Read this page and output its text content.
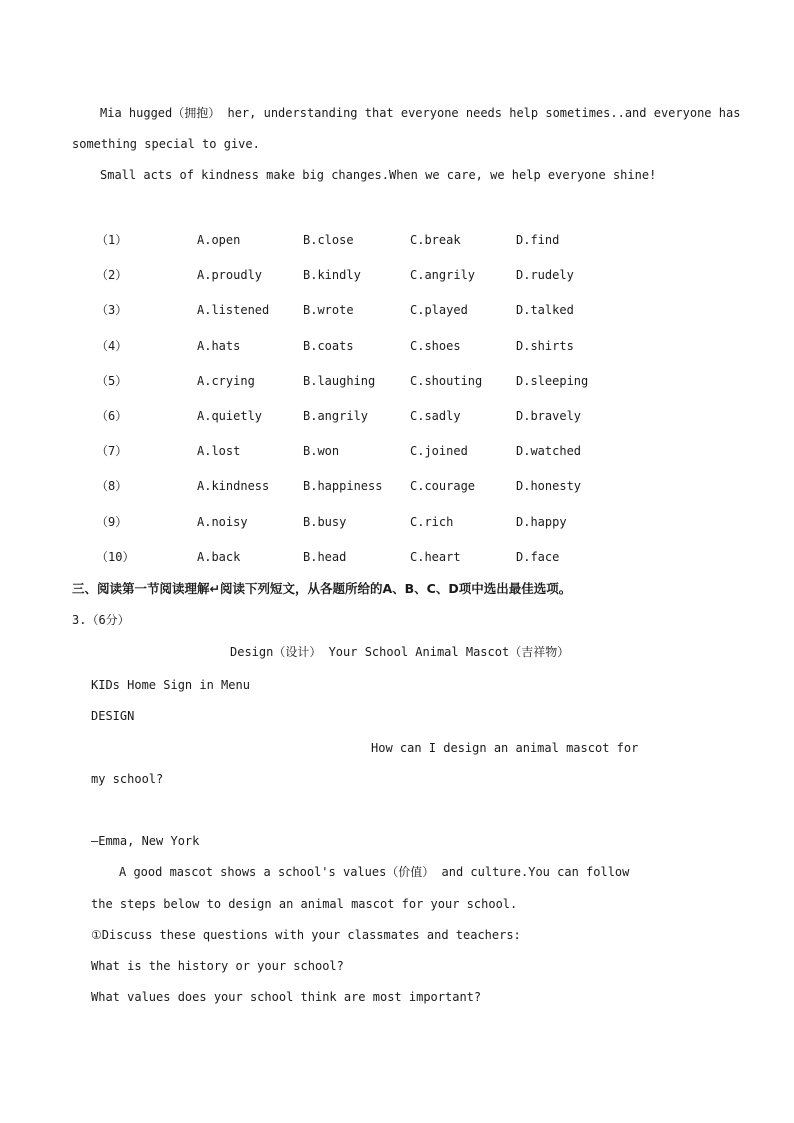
Mia hugged（拥抱） her, understanding that everyone needs help sometimes..and everyone has
something special to give.
Small acts of kindness make big changes.When we care, we help everyone shine!
（1）	A.open	B.close	C.break	D.find
（2）	A.proudly	B.kindly	C.angrily	D.rudely
（3）	A.listened	B.wrote	C.played	D.talked
（4）	A.hats	B.coats	C.shoes	D.shirts
（5）	A.crying	B.laughing	C.shouting	D.sleeping
（6）	A.quietly	B.angrily	C.sadly	D.bravely
（7）	A.lost	B.won	C.joined	D.watched
（8）	A.kindness	B.happiness C.courage	D.honesty
（9）	A.noisy	B.busy	C.rich	D.happy
（10）	A.back	B.head	C.heart	D.face
三、阅读第一节阅读理解↵阅读下列短文，从各题所给的A、B、C、D项中选出最佳选项。
3.（6分）
Design（设计） Your School Animal Mascot（吉祥物）
KIDs Home Sign in Menu
DESIGN
How can I design an animal mascot for
my school?
—Emma, New York
A good mascot shows a school's values（价值） and culture.You can follow
the steps below to design an animal mascot for your school.
①Discuss these questions with your classmates and teachers:
What is the history or your school?
What values does your school think are most important?
